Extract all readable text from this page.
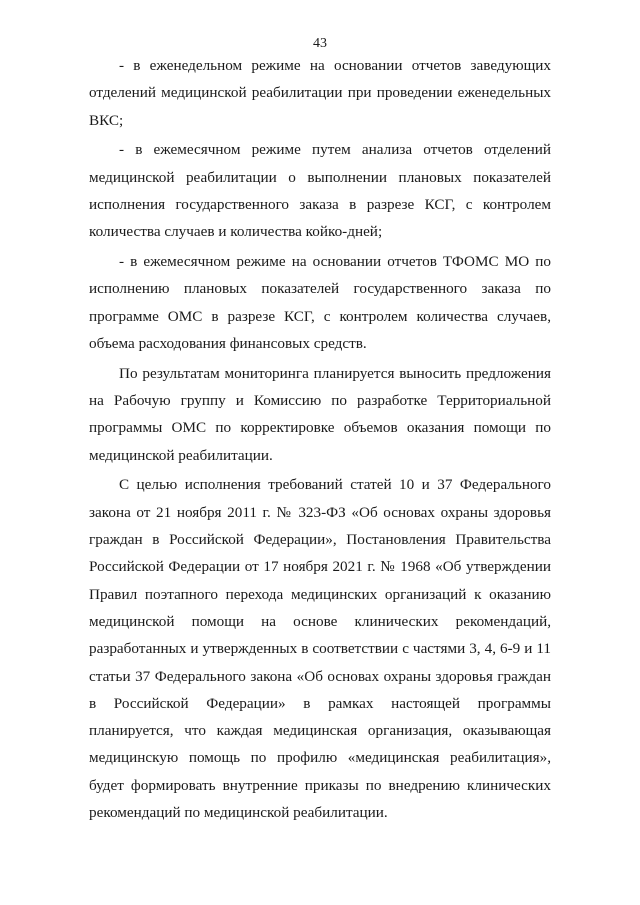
43

- в еженедельном режиме на основании отчетов заведующих отделений медицинской реабилитации при проведении еженедельных ВКС;

- в ежемесячном режиме путем анализа отчетов отделений медицинской реабилитации о выполнении плановых показателей исполнения государственного заказа в разрезе КСГ, с контролем количества случаев и количества койко-дней;

- в ежемесячном режиме на основании отчетов ТФОМС МО по исполнению плановых показателей государственного заказа по программе ОМС в разрезе КСГ, с контролем количества случаев, объема расходования финансовых средств.

По результатам мониторинга планируется выносить предложения на Рабочую группу и Комиссию по разработке Территориальной программы ОМС по корректировке объемов оказания помощи по медицинской реабилитации.

С целью исполнения требований статей 10 и 37 Федерального закона от 21 ноября 2011 г. № 323-ФЗ «Об основах охраны здоровья граждан в Российской Федерации», Постановления Правительства Российской Федерации от 17 ноября 2021 г. № 1968 «Об утверждении Правил поэтапного перехода медицинских организаций к оказанию медицинской помощи на основе клинических рекомендаций, разработанных и утвержденных в соответствии с частями 3, 4, 6-9 и 11 статьи 37 Федерального закона «Об основах охраны здоровья граждан в Российской Федерации» в рамках настоящей программы планируется, что каждая медицинская организация, оказывающая медицинскую помощь по профилю «медицинская реабилитация», будет формировать внутренние приказы по внедрению клинических рекомендаций по медицинской реабилитации.
